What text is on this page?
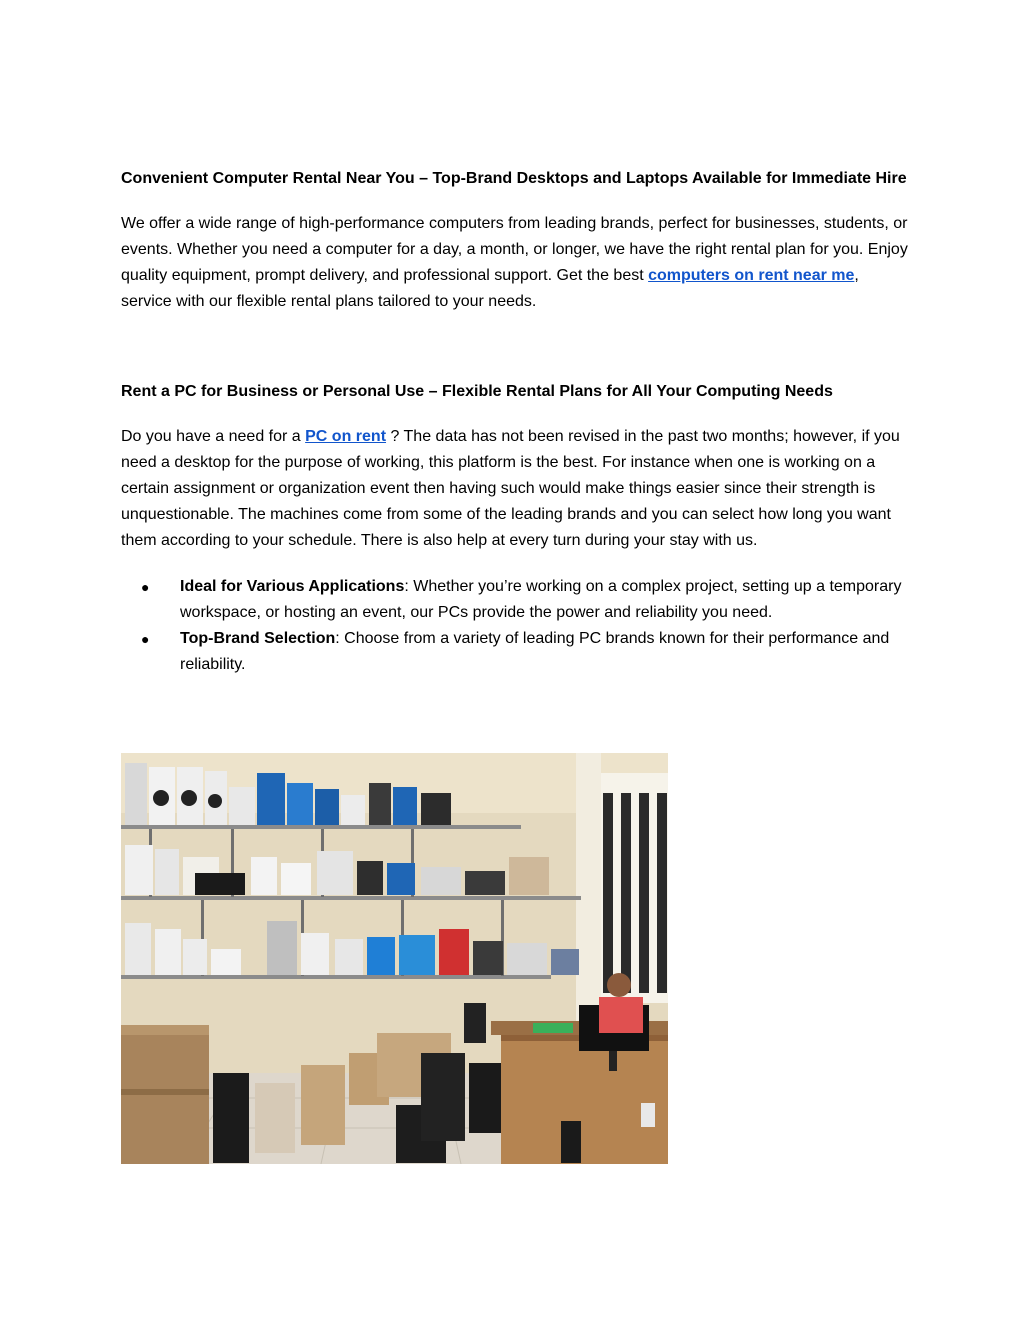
Convenient Computer Rental Near You – Top-Brand Desktops and Laptops Available for Immediate Hire

We offer a wide range of high-performance computers from leading brands, perfect for businesses, students, or events. Whether you need a computer for a day, a month, or longer, we have the right rental plan for you. Enjoy quality equipment, prompt delivery, and professional support. Get the best computers on rent near me, service with our flexible rental plans tailored to your needs.

Rent a PC for Business or Personal Use – Flexible Rental Plans for All Your Computing Needs

Do you have a need for a PC on rent ? The data has not been revised in the past two months; however, if you need a desktop for the purpose of working, this platform is the best. For instance when one is working on a certain assignment or organization event then having such would make things easier since their strength is unquestionable. The machines come from some of the leading brands and you can select how long you want them according to your schedule. There is also help at every turn during your stay with us.

● Ideal for Various Applications: Whether you’re working on a complex project, setting up a temporary workspace, or hosting an event, our PCs provide the power and reliability you need.
● Top-Brand Selection: Choose from a variety of leading PC brands known for their performance and reliability.
